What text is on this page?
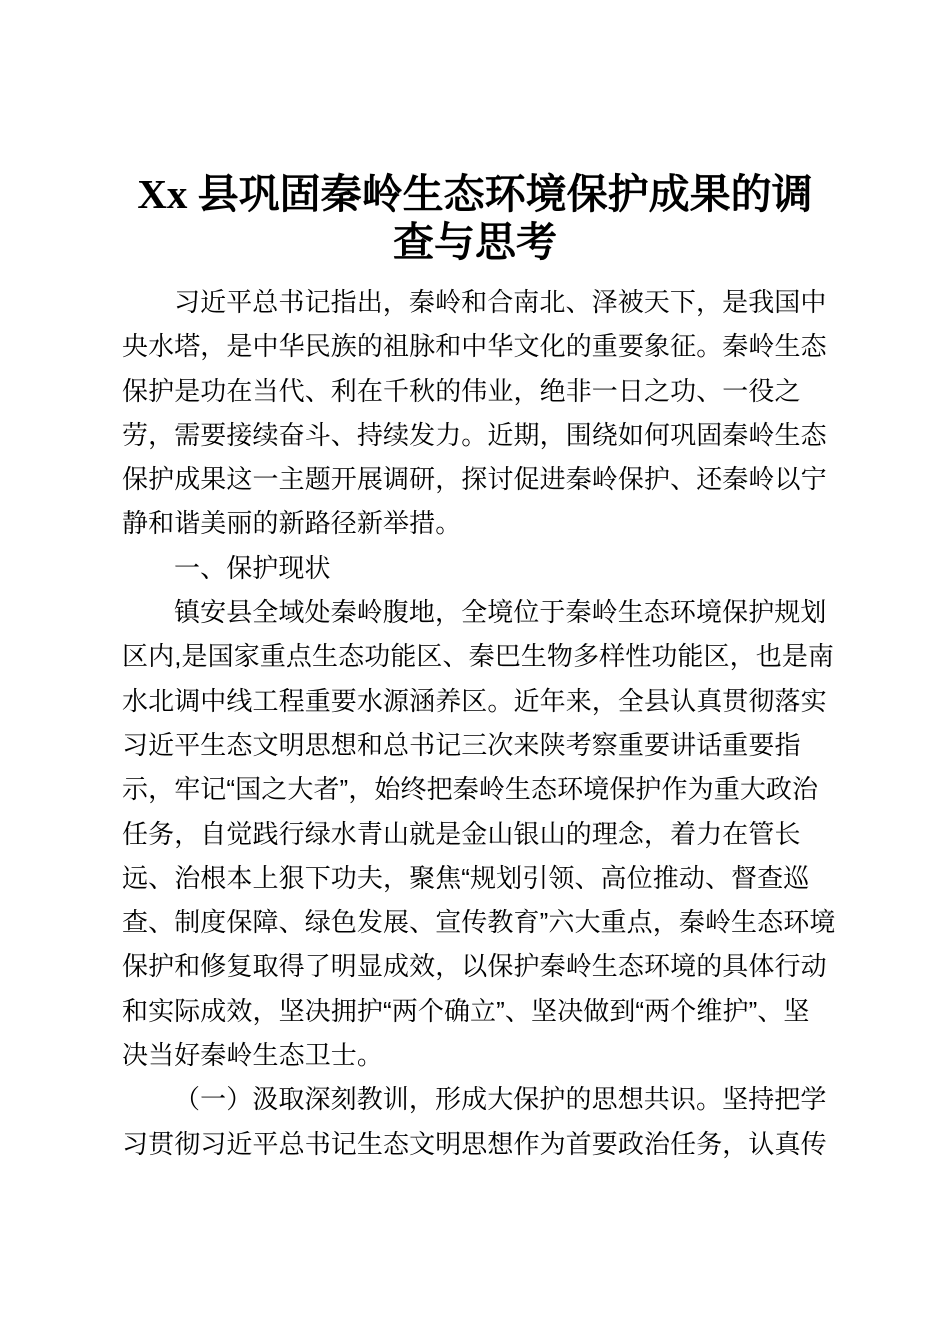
Xx 县巩固秦岭生态环境保护成果的调
查与思考
习近平总书记指出，秦岭和合南北、泽被天下，是我国中
央水塔，是中华民族的祖脉和中华文化的重要象征。秦岭生态
保护是功在当代、利在千秋的伟业，绝非一日之功、一役之
劳，需要接续奋斗、持续发力。近期，围绕如何巩固秦岭生态
保护成果这一主题开展调研，探讨促进秦岭保护、还秦岭以宁
静和谐美丽的新路径新举措。
一、保护现状
镇安县全域处秦岭腹地，全境位于秦岭生态环境保护规划
区内,是国家重点生态功能区、秦巴生物多样性功能区，也是南
水北调中线工程重要水源涵养区。近年来，全县认真贯彻落实
习近平生态文明思想和总书记三次来陕考察重要讲话重要指
示，牢记“国之大者”，始终把秦岭生态环境保护作为重大政治
任务，自觉践行绿水青山就是金山银山的理念，着力在管长
远、治根本上狠下功夫，聚焦“规划引领、高位推动、督查巡
查、制度保障、绿色发展、宣传教育”六大重点，秦岭生态环境
保护和修复取得了明显成效，以保护秦岭生态环境的具体行动
和实际成效，坚决拥护“两个确立”、坚决做到“两个维护”、坚
决当好秦岭生态卫士。
（一）汲取深刻教训，形成大保护的思想共识。坚持把学
习贯彻习近平总书记生态文明思想作为首要政治任务，认真传
